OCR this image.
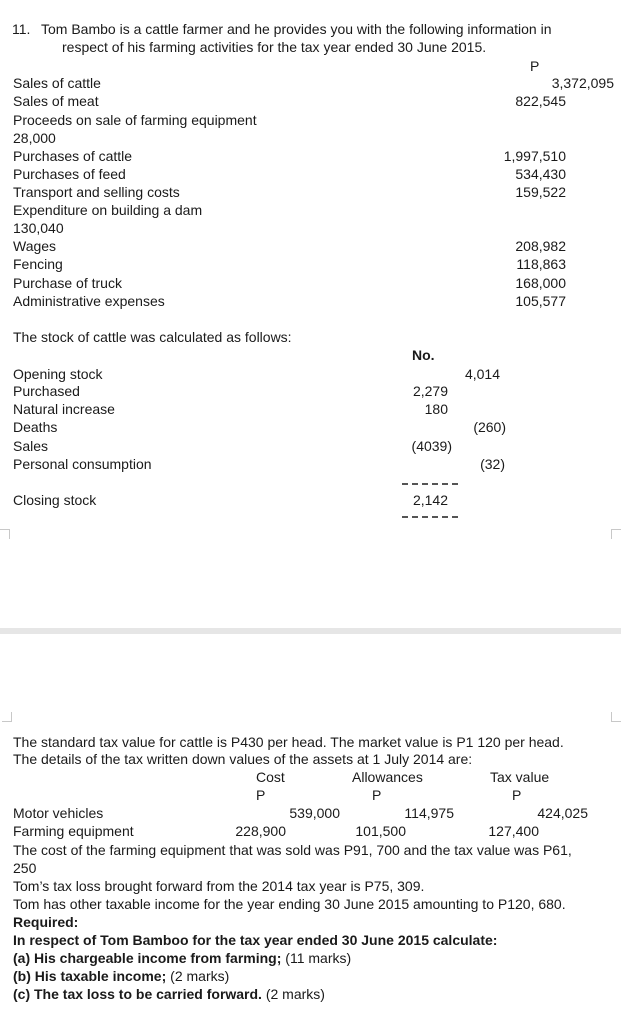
11. Tom Bambo is a cattle farmer and he provides you with the following information in
respect of his farming activities for the tax year ended 30 June 2015.
P
Sales of cattle	3,372,095
Sales of meat	822,545
Proceeds on sale of farming equipment
28,000
Purchases of cattle	1,997,510
Purchases of feed	534,430
Transport and selling costs	159,522
Expenditure on building a dam
130,040
Wages	208,982
Fencing	118,863
Purchase of truck	168,000
Administrative expenses	105,577
The stock of cattle was calculated as follows:
No.
Opening stock	4,014
Purchased	2,279
Natural increase	180
Deaths	(260)
Sales	(4039)
Personal consumption	(32)
Closing stock	2,142
The standard tax value for cattle is P430 per head. The market value is P1 120 per head.
The details of the tax written down values of the assets at 1 July 2014 are:
Cost	Allowances	Tax value
P	P	P
Motor vehicles	539,000	114,975	424,025
Farming equipment	228,900	101,500	127,400
The cost of the farming equipment that was sold was P91, 700 and the tax value was P61,
250
Tom’s tax loss brought forward from the 2014 tax year is P75, 309.
Tom has other taxable income for the year ending 30 June 2015 amounting to P120, 680.
Required:
In respect of Tom Bamboo for the tax year ended 30 June 2015 calculate:
(a) His chargeable income from farming; (11 marks)
(b) His taxable income; (2 marks)
(c) The tax loss to be carried forward. (2 marks)
